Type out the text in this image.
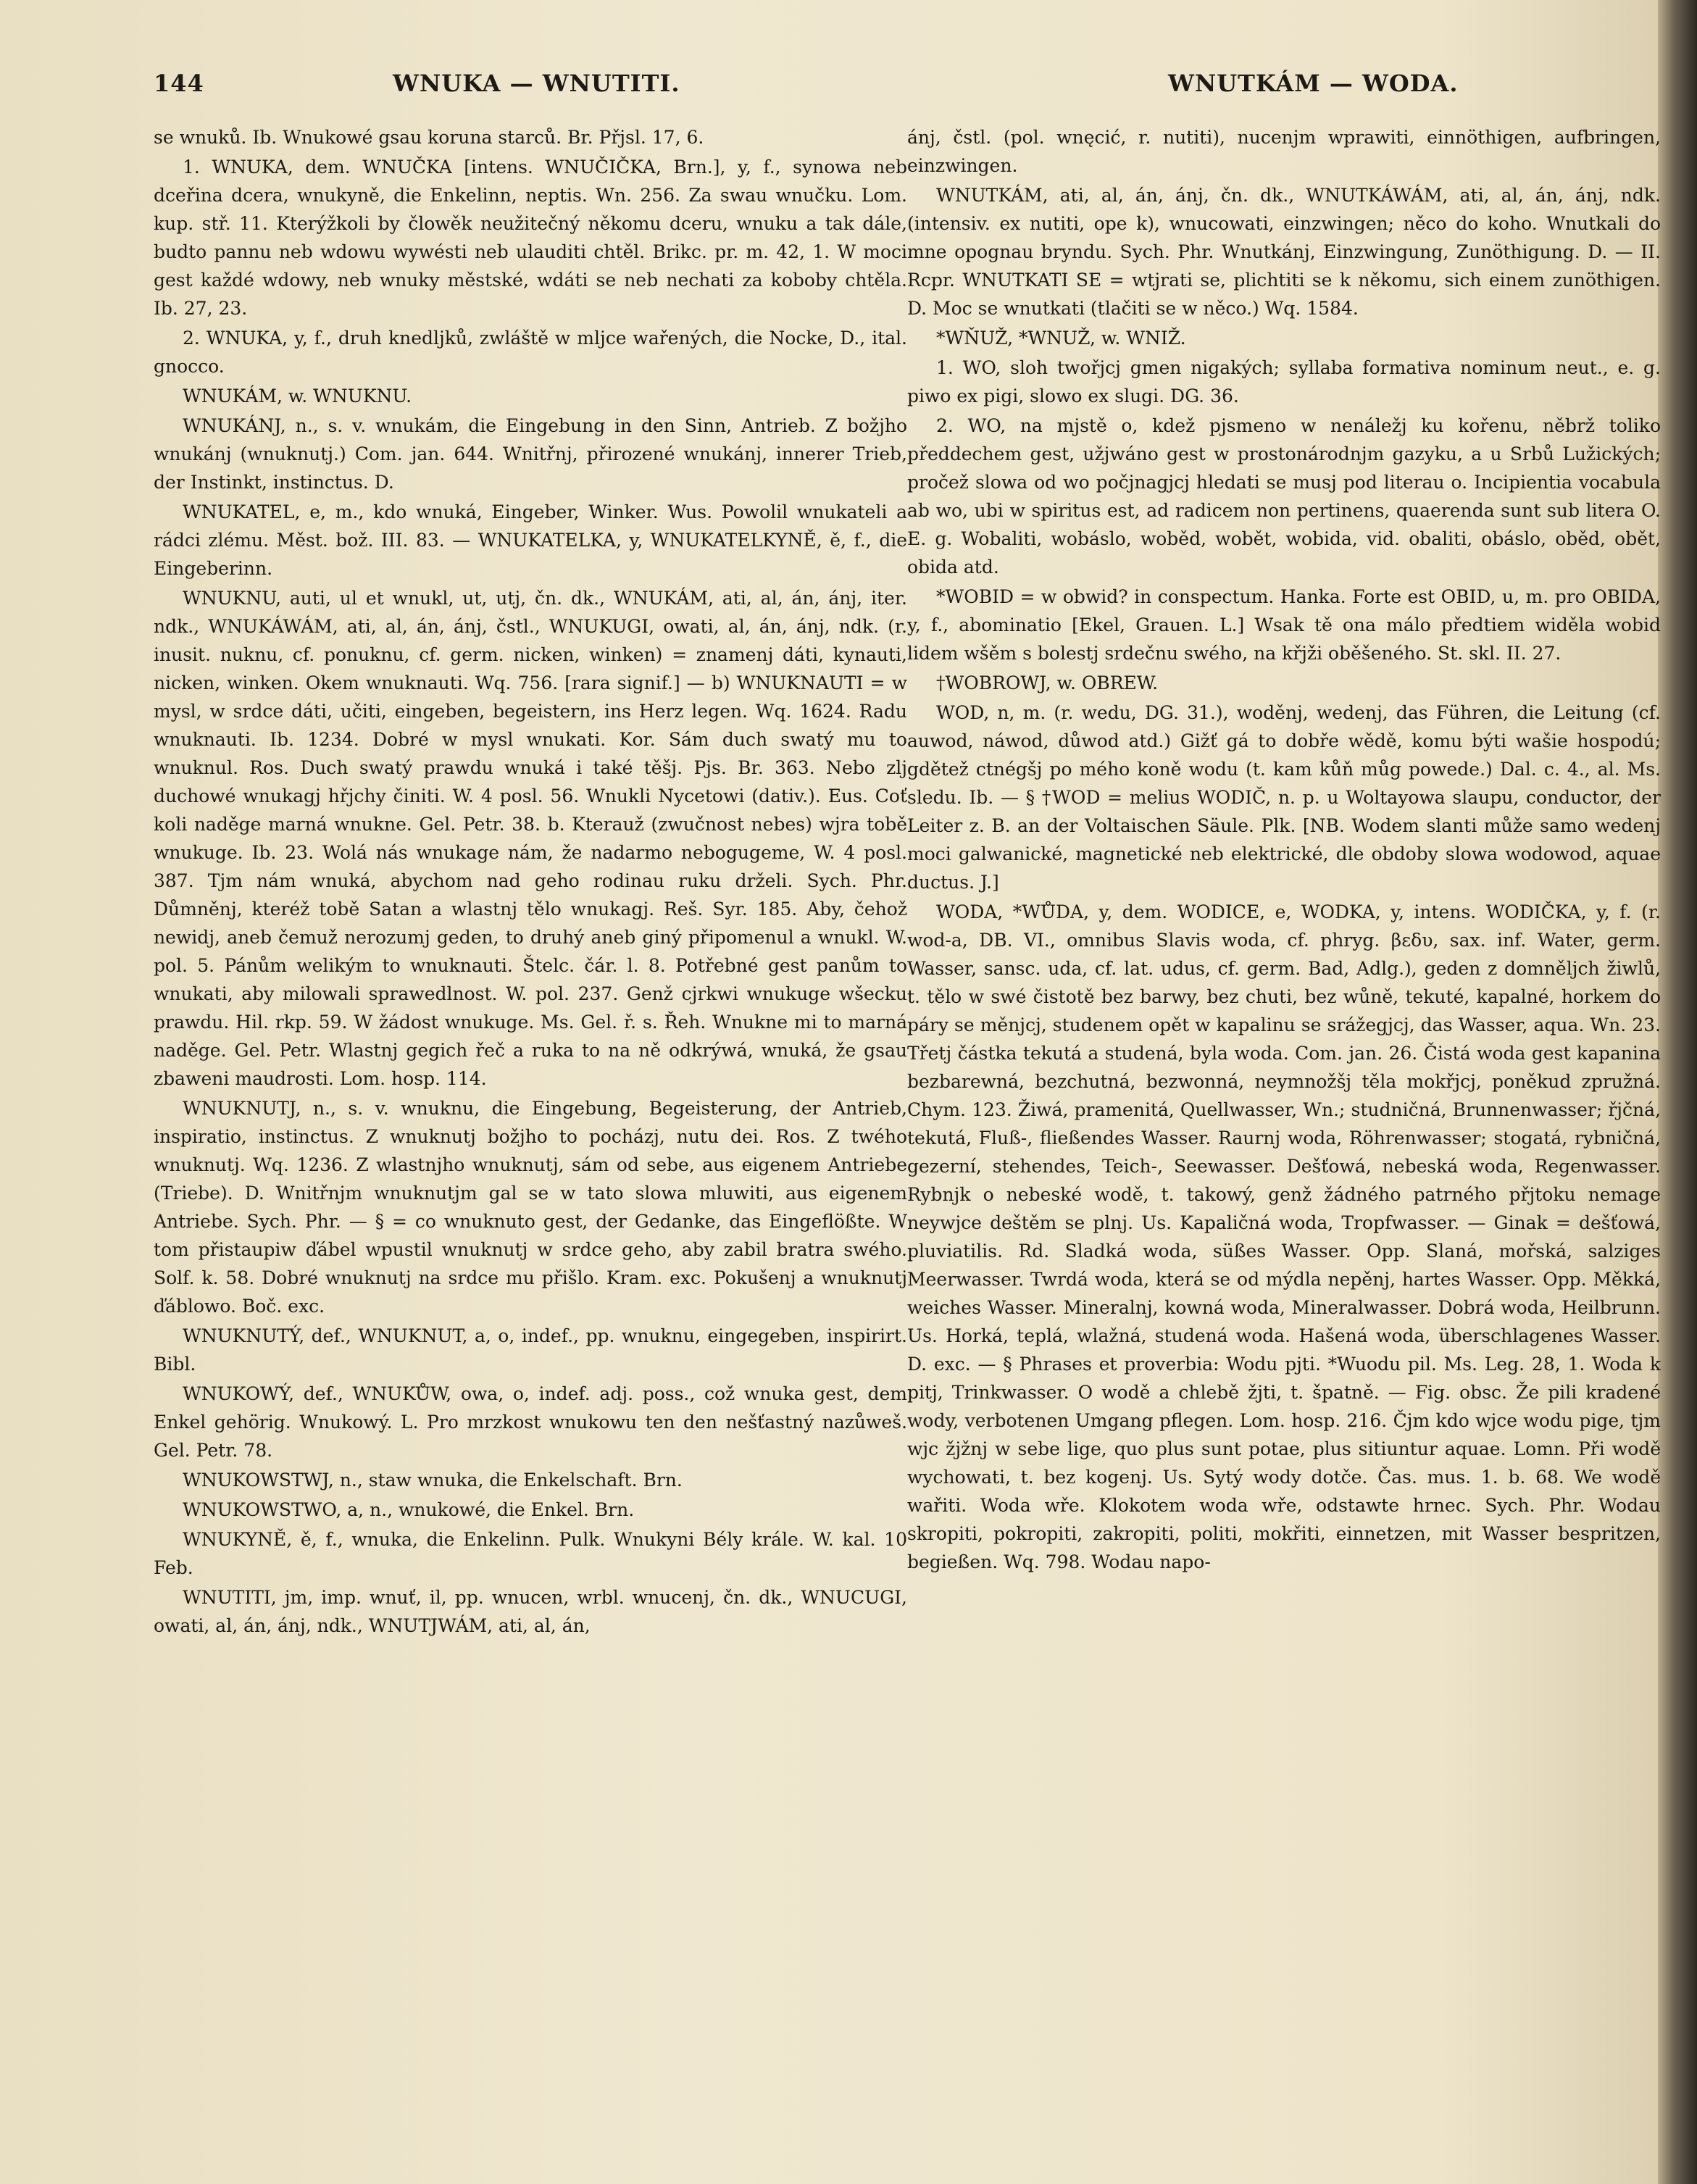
144	WNUKA — WNUTITI.	WNUTKÁM — WODA.

se wnuků. Ib. Wnukowé gsau koruna starců. Br. Přjsl. 17, 6.

1. WNUKA, dem. WNUČKA [intens. WNUČIČKA, Brn.], y, f., synowa neb dceřina dcera, wnukyně, die Enkelinn, neptis. Wn. 256. Za swau wnučku. Lom. kup. stř. 11. Kterýžkoli by člowěk neužitečný někomu dceru, wnuku a tak dále, budto pannu neb wdowu wywésti neb ulauditi chtěl. Brikc. pr. m. 42, 1. W moci gest každé wdowy, neb wnuky městské, wdáti se neb nechati za koboby chtěla. Ib. 27, 23.

2. WNUKA, y, f., druh knedljků, zwláště w mljce wařených, die Nocke, D., ital. gnocco.

WNUKÁM, w. WNUKNU.

WNUKÁNJ, n., s. v. wnukám, die Eingebung in den Sinn, Antrieb. Z božjho wnukánj (wnuknutj.) Com. jan. 644. Wnitřnj, přirozené wnukánj, innerer Trieb, der Instinkt, instinctus. D.

WNUKATEL, e, m., kdo wnuká, Eingeber, Winker. Wus. Powolil wnukateli a rádci zlému. Měst. bož. III. 83. — WNUKATELKA, y, WNUKATELKYNĚ, ě, f., die Eingeberinn.

WNUKNU, auti, ul et wnukl, ut, utj, čn. dk., WNUKÁM, ati, al, án, ánj, iter. ndk., WNUKÁWÁM, ati, al, án, ánj, čstl., WNUKUGI, owati, al, án, ánj, ndk. (r. inusit. nuknu, cf. ponuknu, cf. germ. nicken, winken) = znamenj dáti, kynauti, nicken, winken. Okem wnuknauti. Wq. 756. [rara signif.] — b) WNUKNAUTI = w mysl, w srdce dáti, učiti, eingeben, begeistern, ins Herz legen. Wq. 1624. Radu wnuknauti. Ib. 1234. Dobré w mysl wnukati. Kor. Sám duch swatý mu to wnuknul. Ros. Duch swatý prawdu wnuká i také těšj. Pjs. Br. 363. Nebo zlj duchowé wnukagj hřjchy činiti. W. 4 posl. 56. Wnukli Nycetowi (dativ.). Eus. Coť koli naděge marná wnukne. Gel. Petr. 38. b. Kterauž (zwučnost nebes) wjra tobě wnukuge. Ib. 23. Wolá nás wnukage nám, že nadarmo nebogugeme, W. 4 posl. 387. Tjm nám wnuká, abychom nad geho rodinau ruku drželi. Sych. Phr. Důmněnj, kteréž tobě Satan a wlastnj tělo wnukagj. Reš. Syr. 185. Aby, čehož newidj, aneb čemuž nerozumj geden, to druhý aneb giný připomenul a wnukl. W. pol. 5. Pánům welikým to wnuknauti. Štelc. čár. l. 8. Potřebné gest panům to wnukati, aby milowali sprawedlnost. W. pol. 237. Genž cjrkwi wnukuge wšecku prawdu. Hil. rkp. 59. W žádost wnukuge. Ms. Gel. ř. s. Řeh. Wnukne mi to marná naděge. Gel. Petr. Wlastnj gegich řeč a ruka to na ně odkrýwá, wnuká, že gsau zbaweni maudrosti. Lom. hosp. 114.

WNUKNUTJ, n., s. v. wnuknu, die Eingebung, Begeisterung, der Antrieb, inspiratio, instinctus. Z wnuknutj božjho to pocházj, nutu dei. Ros. Z twého wnuknutj. Wq. 1236. Z wlastnjho wnuknutj, sám od sebe, aus eigenem Antriebe (Triebe). D. Wnitřnjm wnuknutjm gal se w tato slowa mluwiti, aus eigenem Antriebe. Sych. Phr. — § = co wnuknuto gest, der Gedanke, das Eingeflößte. W tom přistaupiw ďábel wpustil wnuknutj w srdce geho, aby zabil bratra swého. Solf. k. 58. Dobré wnuknutj na srdce mu přišlo. Kram. exc. Pokušenj a wnuknutj ďáblowo. Boč. exc.

WNUKNUTÝ, def., WNUKNUT, a, o, indef., pp. wnuknu, eingegeben, inspirirt. Bibl.

WNUKOWÝ, def., WNUKŮW, owa, o, indef. adj. poss., což wnuka gest, dem Enkel gehörig. Wnukowý. L. Pro mrzkost wnukowu ten den nešťastný nazůweš. Gel. Petr. 78.

WNUKOWSTWJ, n., staw wnuka, die Enkelschaft. Brn.

WNUKOWSTWO, a, n., wnukowé, die Enkel. Brn.

WNUKYNĚ, ě, f., wnuka, die Enkelinn. Pulk. Wnukyni Bély krále. W. kal. 10 Feb.

WNUTITI, jm, imp. wnuť, il, pp. wnucen, wrbl. wnucenj, čn. dk., WNUCUGI, owati, al, án, ánj, ndk., WNUTJWÁM, ati, al, án,

ánj, čstl. (pol. wnęcić, r. nutiti), nucenjm wprawiti, einnöthigen, aufbringen, einzwingen.

WNUTKÁM, ati, al, án, ánj, čn. dk., WNUTKÁWÁM, ati, al, án, ánj, ndk. (intensiv. ex nutiti, ope k), wnucowati, einzwingen; něco do koho. Wnutkali do mne opognau bryndu. Sych. Phr. Wnutkánj, Einzwingung, Zunöthigung. D. — II. Rcpr. WNUTKATI SE = wtjrati se, plichtiti se k někomu, sich einem zunöthigen. D. Moc se wnutkati (tlačiti se w něco.) Wq. 1584.

*WŇUŽ, *WNUŽ, w. WNIŽ.

1. WO, sloh twořjcj gmen nigakých; syllaba formativa nominum neut., e. g. piwo ex pigi, slowo ex slugi. DG. 36.

2. WO, na mjstě o, kdež pjsmeno w nenáležj ku kořenu, něbrž toliko předdechem gest, užjwáno gest w prostonárodnjm gazyku, a u Srbů Lužických; pročež slowa od wo počjnagjcj hledati se musj pod literau o. Incipientia vocabula ab wo, ubi w spiritus est, ad radicem non pertinens, quaerenda sunt sub litera O. E. g. Wobaliti, wobáslo, woběd, wobět, wobida, vid. obaliti, obáslo, oběd, obět, obida atd.

*WOBID = w obwid? in conspectum. Hanka. Forte est OBID, u, m. pro OBIDA, y, f., abominatio [Ekel, Grauen. L.] Wsak tě ona málo předtiem widěla wobid lidem wšěm s bolestj srdečnu swého, na křjži oběšeného. St. skl. II. 27.

†WOBROWJ, w. OBREW.

WOD, n, m. (r. wedu, DG. 31.), woděnj, wedenj, das Führen, die Leitung (cf. auwod, náwod, důwod atd.) Gižť gá to dobře wědě, komu býti wašie hospodú; gdětež ctnégšj po mého koně wodu (t. kam kůň můg powede.) Dal. c. 4., al. Ms. sledu. Ib. — § †WOD = melius WODIČ, n. p. u Woltayowa slaupu, conductor, der Leiter z. B. an der Voltaischen Säule. Plk. [NB. Wodem slanti může samo wedenj moci galwanické, magnetické neb elektrické, dle obdoby slowa wodowod, aquae ductus. J.]

WODA, *WŮDA, y, dem. WODICE, e, WODKA, y, intens. WODIČKA, y, f. (r. wod-a, DB. VI., omnibus Slavis woda, cf. phryg. βεδυ, sax. inf. Water, germ. Wasser, sansc. uda, cf. lat. udus, cf. germ. Bad, Adlg.), geden z domněljch žiwlů, t. tělo w swé čistotě bez barwy, bez chuti, bez wůně, tekuté, kapalné, horkem do páry se měnjcj, studenem opět w kapalinu se srážegjcj, das Wasser, aqua. Wn. 23. Třetj částka tekutá a studená, byla woda. Com. jan. 26. Čistá woda gest kapanina bezbarewná, bezchutná, bezwonná, neymnožšj těla mokřjcj, poněkud zpružná. Chym. 123. Žiwá, pramenitá, Quellwasser, Wn.; studničná, Brunnenwasser; řjčná, tekutá, Fluß-, fließendes Wasser. Raurnj woda, Röhrenwasser; stogatá, rybničná, gezerní, stehendes, Teich-, Seewasser. Dešťowá, nebeská woda, Regenwasser. Rybnjk o nebeské wodě, t. takowý, genž žádného patrného přjtoku nemage neywjce deštěm se plnj. Us. Kapaličná woda, Tropfwasser. — Ginak = dešťowá, pluviatilis. Rd. Sladká woda, süßes Wasser. Opp. Slaná, mořská, salziges Meerwasser. Twrdá woda, která se od mýdla nepěnj, hartes Wasser. Opp. Měkká, weiches Wasser. Mineralnj, kowná woda, Mineralwasser. Dobrá woda, Heilbrunn. Us. Horká, teplá, wlažná, studená woda. Hašená woda, überschlagenes Wasser. D. exc. — § Phrases et proverbia: Wodu pjti. *Wuodu pil. Ms. Leg. 28, 1. Woda k pitj, Trinkwasser. O wodě a chlebě žjti, t. špatně. — Fig. obsc. Že pili kradené wody, verbotenen Umgang pflegen. Lom. hosp. 216. Čjm kdo wjce wodu pige, tjm wjc žjžnj w sebe lige, quo plus sunt potae, plus sitiuntur aquae. Lomn. Při wodě wychowati, t. bez kogenj. Us. Sytý wody dotče. Čas. mus. 1. b. 68. We wodě wařiti. Woda wře. Klokotem woda wře, odstawte hrnec. Sych. Phr. Wodau skropiti, pokropiti, zakropiti, politi, mokřiti, einnetzen, mit Wasser bespritzen, begießen. Wq. 798. Wodau napo-
